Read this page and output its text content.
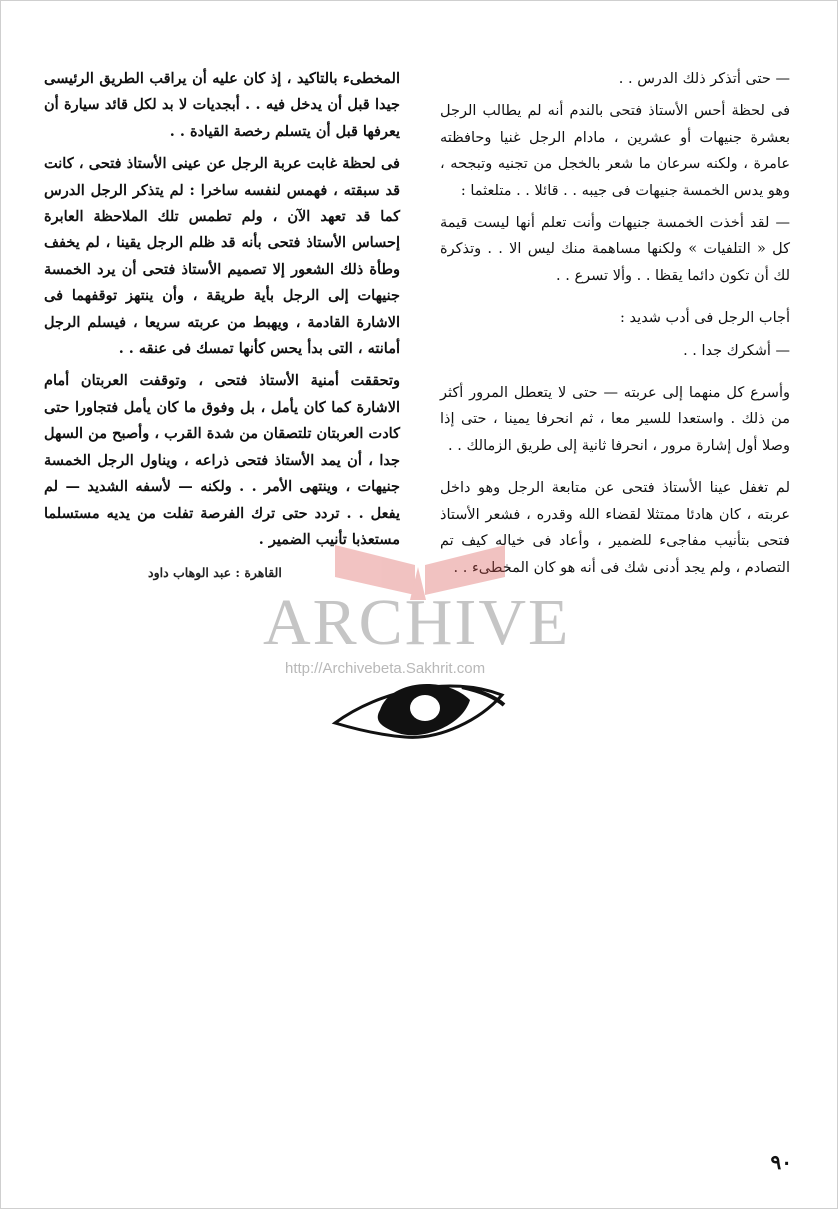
— حتى أتذكر ذلك الدرس . .

فى لحظة أحس الأستاذ فتحى بالندم أنه لم يطالب الرجل بعشرة جنيهات أو عشرين ، مادام الرجل غنيا وحافظته عامرة ، ولكنه سرعان ما شعر بالخجل من تجنيه وتبجحه ، وهو يدس الخمسة جنيهات فى جيبه . . قائلا . . متلعثما :

— لقد أخذت الخمسة جنيهات وأنت تعلم أنها ليست قيمة كل « التلفيات » ولكنها مساهمة منك ليس الا . . وتذكرة لك أن تكون دائما يقظا . . وألا تسرع . .

أجاب الرجل فى أدب شديد :

— أشكرك جدا . .

وأسرع كل منهما إلى عربته — حتى لا يتعطل المرور أكثر من ذلك . واستعدا للسير معا ، ثم انحرفا يمينا ، حتى إذا وصلا أول إشارة مرور ، انحرفا ثانية إلى طريق الزمالك . .

لم تغفل عينا الأستاذ فتحى عن متابعة الرجل وهو داخل عربته ، كان هادئا ممتثلا لقضاء الله وقدره ، فشعر الأستاذ فتحى بتأنيب مفاجىء للضمير ، وأعاد فى خياله كيف تم التصادم ، ولم يجد أدنى شك فى أنه هو كان المخطىء . .

المخطىء بالتاكيد ، إذ كان عليه أن يراقب الطريق الرئيسى جيدا قبل أن يدخل فيه . . أبجديات لا بد لكل قائد سيارة أن يعرفها قبل أن يتسلم رخصة القيادة . .

فى لحظة غابت عربة الرجل عن عينى الأستاذ فتحى ، كانت قد سبقته ، فهمس لنفسه ساخرا : لم يتذكر الرجل الدرس كما قد تعهد الآن ، ولم تطمس تلك الملاحظة العابرة إحساس الأستاذ فتحى بأنه قد ظلم الرجل يقينا ، لم يخفف وطأة ذلك الشعور إلا تصميم الأستاذ فتحى أن يرد الخمسة جنيهات إلى الرجل بأية طريقة ، وأن ينتهز توقفهما فى الاشارة القادمة ، ويهبط من عربته سريعا ، فيسلم الرجل أمانته ، التى بدأ يحس كأنها تمسك فى عنقه . .

وتحققت أمنية الأستاذ فتحى ، وتوقفت العربتان أمام الاشارة كما كان يأمل ، بل وفوق ما كان يأمل فتجاورا حتى كادت العربتان تلتصقان من شدة القرب ، وأصبح من السهل جدا ، أن يمد الأستاذ فتحى ذراعه ، ويناول الرجل الخمسة جنيهات ، وينتهى الأمر . . ولكنه — لأسفه الشديد — لم يفعل . . تردد حتى ترك الفرصة تفلت من يديه مستسلما مستعذبا تأنيب الضمير .

القاهرة : عبد الوهاب داود
ARCHIVE
http://Archivebeta.Sakhrit.com
٩٠
